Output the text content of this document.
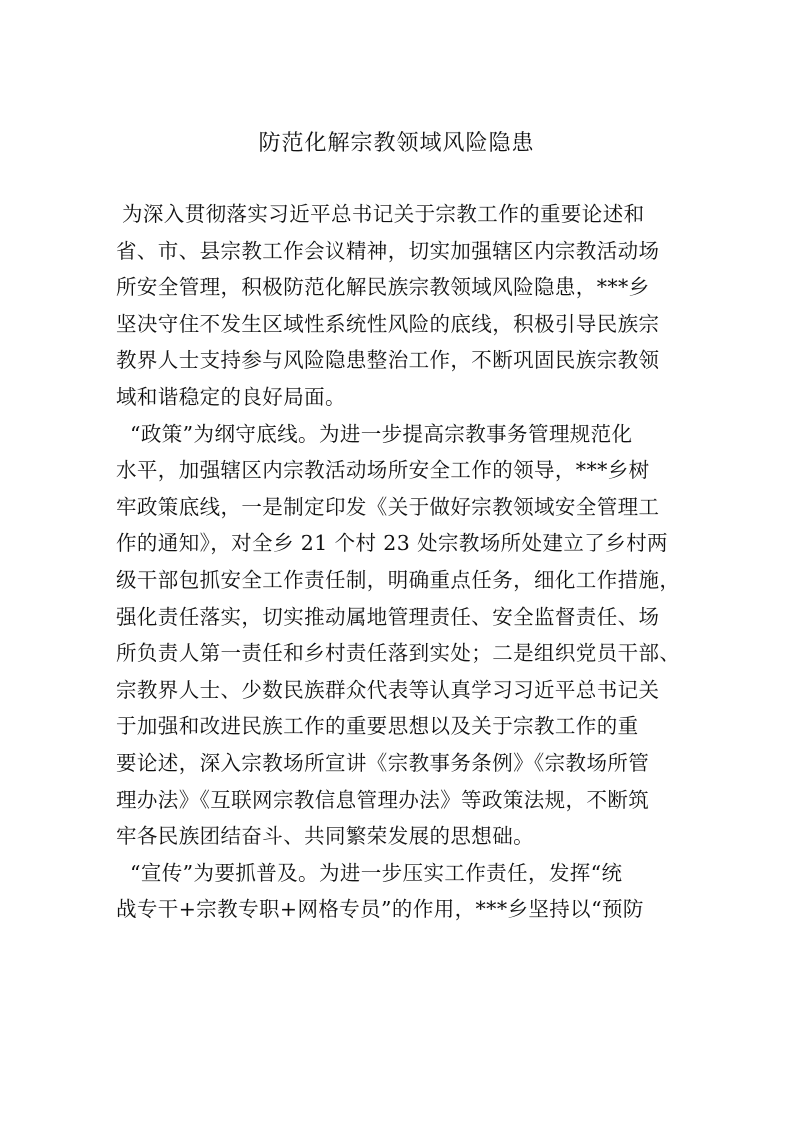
防范化解宗教领域风险隐患
为深入贯彻落实习近平总书记关于宗教工作的重要论述和
省、市、县宗教工作会议精神，切实加强辖区内宗教活动场
所安全管理，积极防范化解民族宗教领域风险隐患，***乡
坚决守住不发生区域性系统性风险的底线，积极引导民族宗
教界人士支持参与风险隐患整治工作，不断巩固民族宗教领
域和谐稳定的良好局面。
“政策”为纲守底线。为进一步提高宗教事务管理规范化
水平，加强辖区内宗教活动场所安全工作的领导，***乡树
牢政策底线，一是制定印发《关于做好宗教领域安全管理工
作的通知》，对全乡 21 个村 23 处宗教场所处建立了乡村两
级干部包抓安全工作责任制，明确重点任务，细化工作措施，
强化责任落实，切实推动属地管理责任、安全监督责任、场
所负责人第一责任和乡村责任落到实处；二是组织党员干部、
宗教界人士、少数民族群众代表等认真学习习近平总书记关
于加强和改进民族工作的重要思想以及关于宗教工作的重
要论述，深入宗教场所宣讲《宗教事务条例》《宗教场所管
理办法》《互联网宗教信息管理办法》等政策法规，不断筑
牢各民族团结奋斗、共同繁荣发展的思想础。
“宣传”为要抓普及。为进一步压实工作责任，发挥“统
战专干+宗教专职+网格专员”的作用，***乡坚持以“预防
